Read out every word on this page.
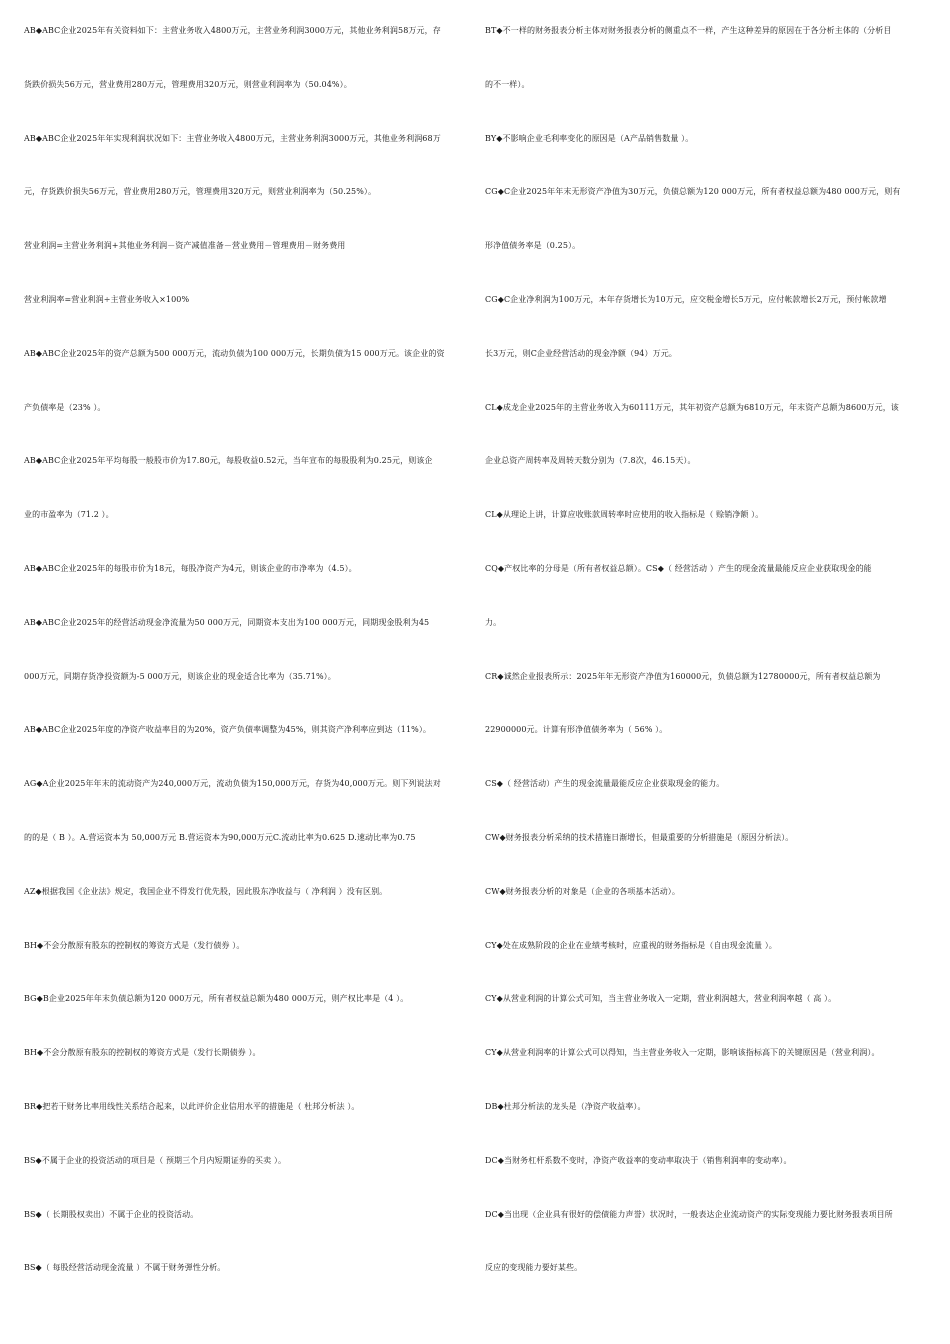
AB◆ABC企业2025年有关资料如下：主营业务收入4800万元，主营业务利润3000万元，其他业务利润58万元，存
货跌价损失56万元，营业费用280万元，管理费用320万元，则营业利润率为（50.04%）。
AB◆ABC企业2025年年实现利润状况如下：主营业务收入4800万元，主营业务利润3000万元，其他业务利润68万
元，存货跌价损失56万元，营业费用280万元，管理费用320万元，则营业利润率为（50.25%）。
营业利润=主营业务利润+其他业务利润－资产减值准备－营业费用－管理费用－财务费用
营业利润率=营业利润÷主营业务收入×100%
AB◆ABC企业2025年的资产总额为500 000万元，流动负债为100 000万元，长期负债为15 000万元。该企业的资
产负债率是（23% ）。
AB◆ABC企业2025年平均每股一般股市价为17.80元，每股收益0.52元，当年宣布的每股股利为0.25元，则该企
业的市盈率为（71.2 ）。
AB◆ABC企业2025年的每股市价为18元，每股净资产为4元，则该企业的市净率为（4.5）。
AB◆ABC企业2025年的经营活动现金净流量为50 000万元，同期资本支出为100 000万元，同期现金股利为45
000万元，同期存货净投资额为-5 000万元，则该企业的现金适合比率为（35.71%）。
AB◆ABC企业2025年度的净资产收益率目的为20%，资产负债率调整为45%，则其资产净利率应到达（11%）。
AG◆A企业2025年年末的流动资产为240,000万元，流动负债为150,000万元，存货为40,000万元。则下列说法对
的的是（ B ）。A.营运资本为 50,000万元 B.营运资本为90,000万元C.流动比率为0.625 D.速动比率为0.75
AZ◆根据我国《企业法》规定，我国企业不得发行优先股，因此股东净收益与（ 净利润 ）没有区别。
BH◆不会分散原有股东的控制权的筹资方式是（发行债券 ）。
BG◆B企业2025年年末负债总额为120 000万元，所有者权益总额为480 000万元，则产权比率是（4 ）。
BH◆不会分散原有股东的控制权的筹资方式是（发行长期债券 ）。
BR◆把若干财务比率用线性关系结合起来，以此评价企业信用水平的措施是（ 杜邦分析法 ）。
BS◆不属于企业的投资活动的项目是（ 预期三个月内短期证券的买卖 ）。
BS◆（ 长期股权卖出）不属于企业的投资活动。
BS◆（ 每股经营活动现金流量 ）不属于财务弹性分析。
BT◆不一样的财务报表分析主体对财务报表分析的侧重点不一样，产生这种差异的原因在于各分析主体的（分析目
的不一样）。
BY◆不影响企业毛利率变化的原因是（A产品销售数量 ）。
CG◆C企业2025年年末无形资产净值为30万元，负债总额为120 000万元，所有者权益总额为480 000万元，则有
形净值债务率是（0.25）。
CG◆C企业净利润为100万元，本年存货增长为10万元，应交税金增长5万元，应付帐款增长2万元，预付帐款增
长3万元，则C企业经营活动的现金净额（94）万元。
CL◆成龙企业2025年的主营业务收入为60111万元，其年初资产总额为6810万元，年末资产总额为8600万元，该
企业总资产周转率及周转天数分别为（7.8次，46.15天）。
CL◆从理论上讲，计算应收账款周转率时应使用的收入指标是（ 赊销净额 ）。
CQ◆产权比率的分母是（所有者权益总额）。CS◆（ 经营活动 ）产生的现金流量最能反应企业获取现金的能
力。
CR◆诚然企业报表所示：2025年年无形资产净值为160000元，负债总额为12780000元，所有者权益总额为
22900000元。计算有形净值债务率为（ 56% ）。
CS◆（ 经营活动）产生的现金流量最能反应企业获取现金的能力。
CW◆财务报表分析采纳的技术措施日渐增长，但最重要的分析措施是（原因分析法）。
CW◆财务报表分析的对象是（企业的各项基本活动）。
CY◆处在成熟阶段的企业在业绩考核时，应重视的财务指标是（自由现金流量 ）。
CY◆从营业利润的计算公式可知，当主营业务收入一定期，营业利润越大，营业利润率越（ 高 ）。
CY◆从营业利润率的计算公式可以得知，当主营业务收入一定期，影响该指标高下的关键原因是（营业利润）。
DB◆杜邦分析法的龙头是（净资产收益率）。
DC◆当财务杠杆系数不变时，净资产收益率的变动率取决于（销售利润率的变动率）。
DC◆当出现（企业具有很好的偿债能力声誉）状况时，一般表达企业流动资产的实际变现能力要比财务报表项目所
反应的变现能力要好某些。
